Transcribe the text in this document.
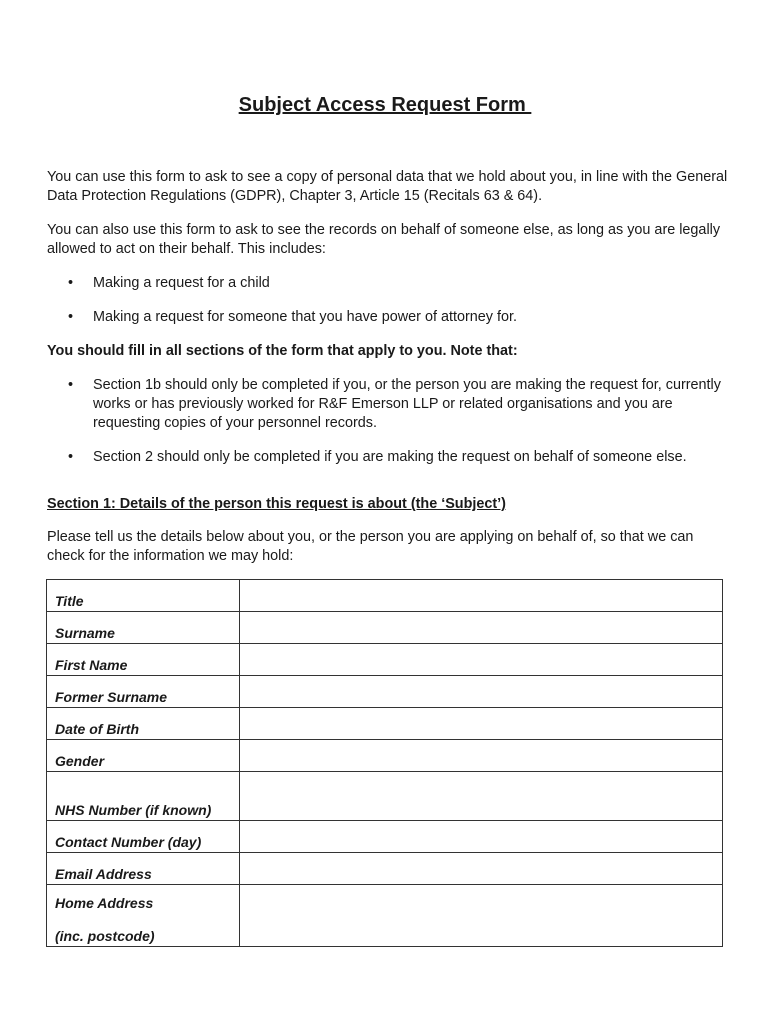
Subject Access Request Form

You can use this form to ask to see a copy of personal data that we hold about you, in line with the General Data Protection Regulations (GDPR), Chapter 3, Article 15 (Recitals 63 & 64).

You can also use this form to ask to see the records on behalf of someone else, as long as you are legally allowed to act on their behalf. This includes:

• Making a request for a child
• Making a request for someone that you have power of attorney for.

You should fill in all sections of the form that apply to you. Note that:

• Section 1b should only be completed if you, or the person you are making the request for, currently works or has previously worked for R&F Emerson LLP or related organisations and you are requesting copies of your personnel records.
• Section 2 should only be completed if you are making the request on behalf of someone else.

Section 1: Details of the person this request is about (the ‘Subject’)

Please tell us the details below about you, or the person you are applying on behalf of, so that we can check for the information we may hold:

Title	
Surname	
First Name	
Former Surname	
Date of Birth	
Gender	
NHS Number (if known)	
Contact Number (day)	
Email Address	

Home Address
(inc. postcode)	
